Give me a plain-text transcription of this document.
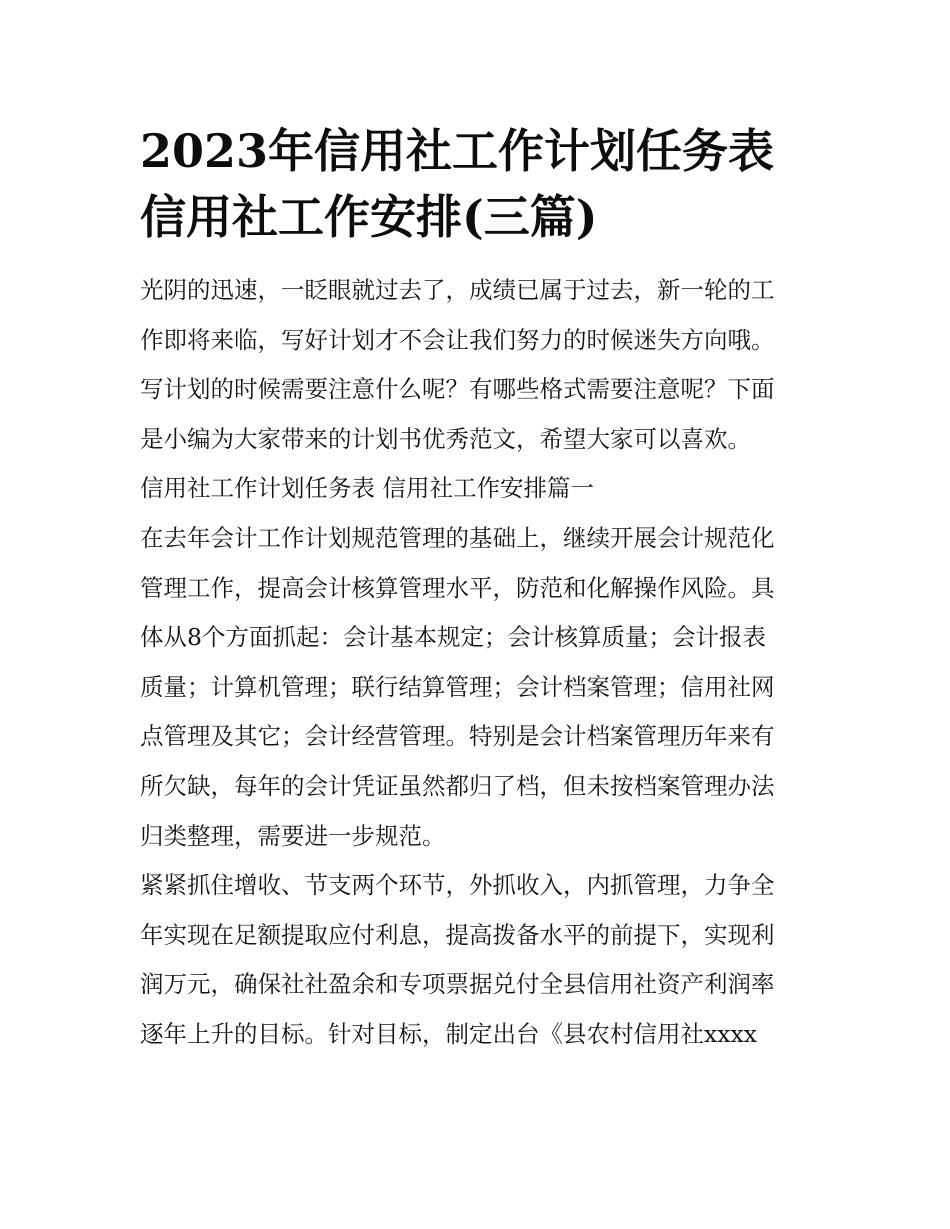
2023年信用社工作计划任务表
信用社工作安排(三篇)
光阴的迅速，一眨眼就过去了，成绩已属于过去，新一轮的工
作即将来临，写好计划才不会让我们努力的时候迷失方向哦。
写计划的时候需要注意什么呢？有哪些格式需要注意呢？下面
是小编为大家带来的计划书优秀范文，希望大家可以喜欢。
信用社工作计划任务表 信用社工作安排篇一
在去年会计工作计划规范管理的基础上，继续开展会计规范化
管理工作，提高会计核算管理水平，防范和化解操作风险。具
体从8个方面抓起：会计基本规定；会计核算质量；会计报表
质量；计算机管理；联行结算管理；会计档案管理；信用社网
点管理及其它；会计经营管理。特别是会计档案管理历年来有
所欠缺，每年的会计凭证虽然都归了档，但未按档案管理办法
归类整理，需要进一步规范。
紧紧抓住增收、节支两个环节，外抓收入，内抓管理，力争全
年实现在足额提取应付利息，提高拨备水平的前提下，实现利
润万元，确保社社盈余和专项票据兑付全县信用社资产利润率
逐年上升的目标。针对目标，制定出台《县农村信用社xxxx
